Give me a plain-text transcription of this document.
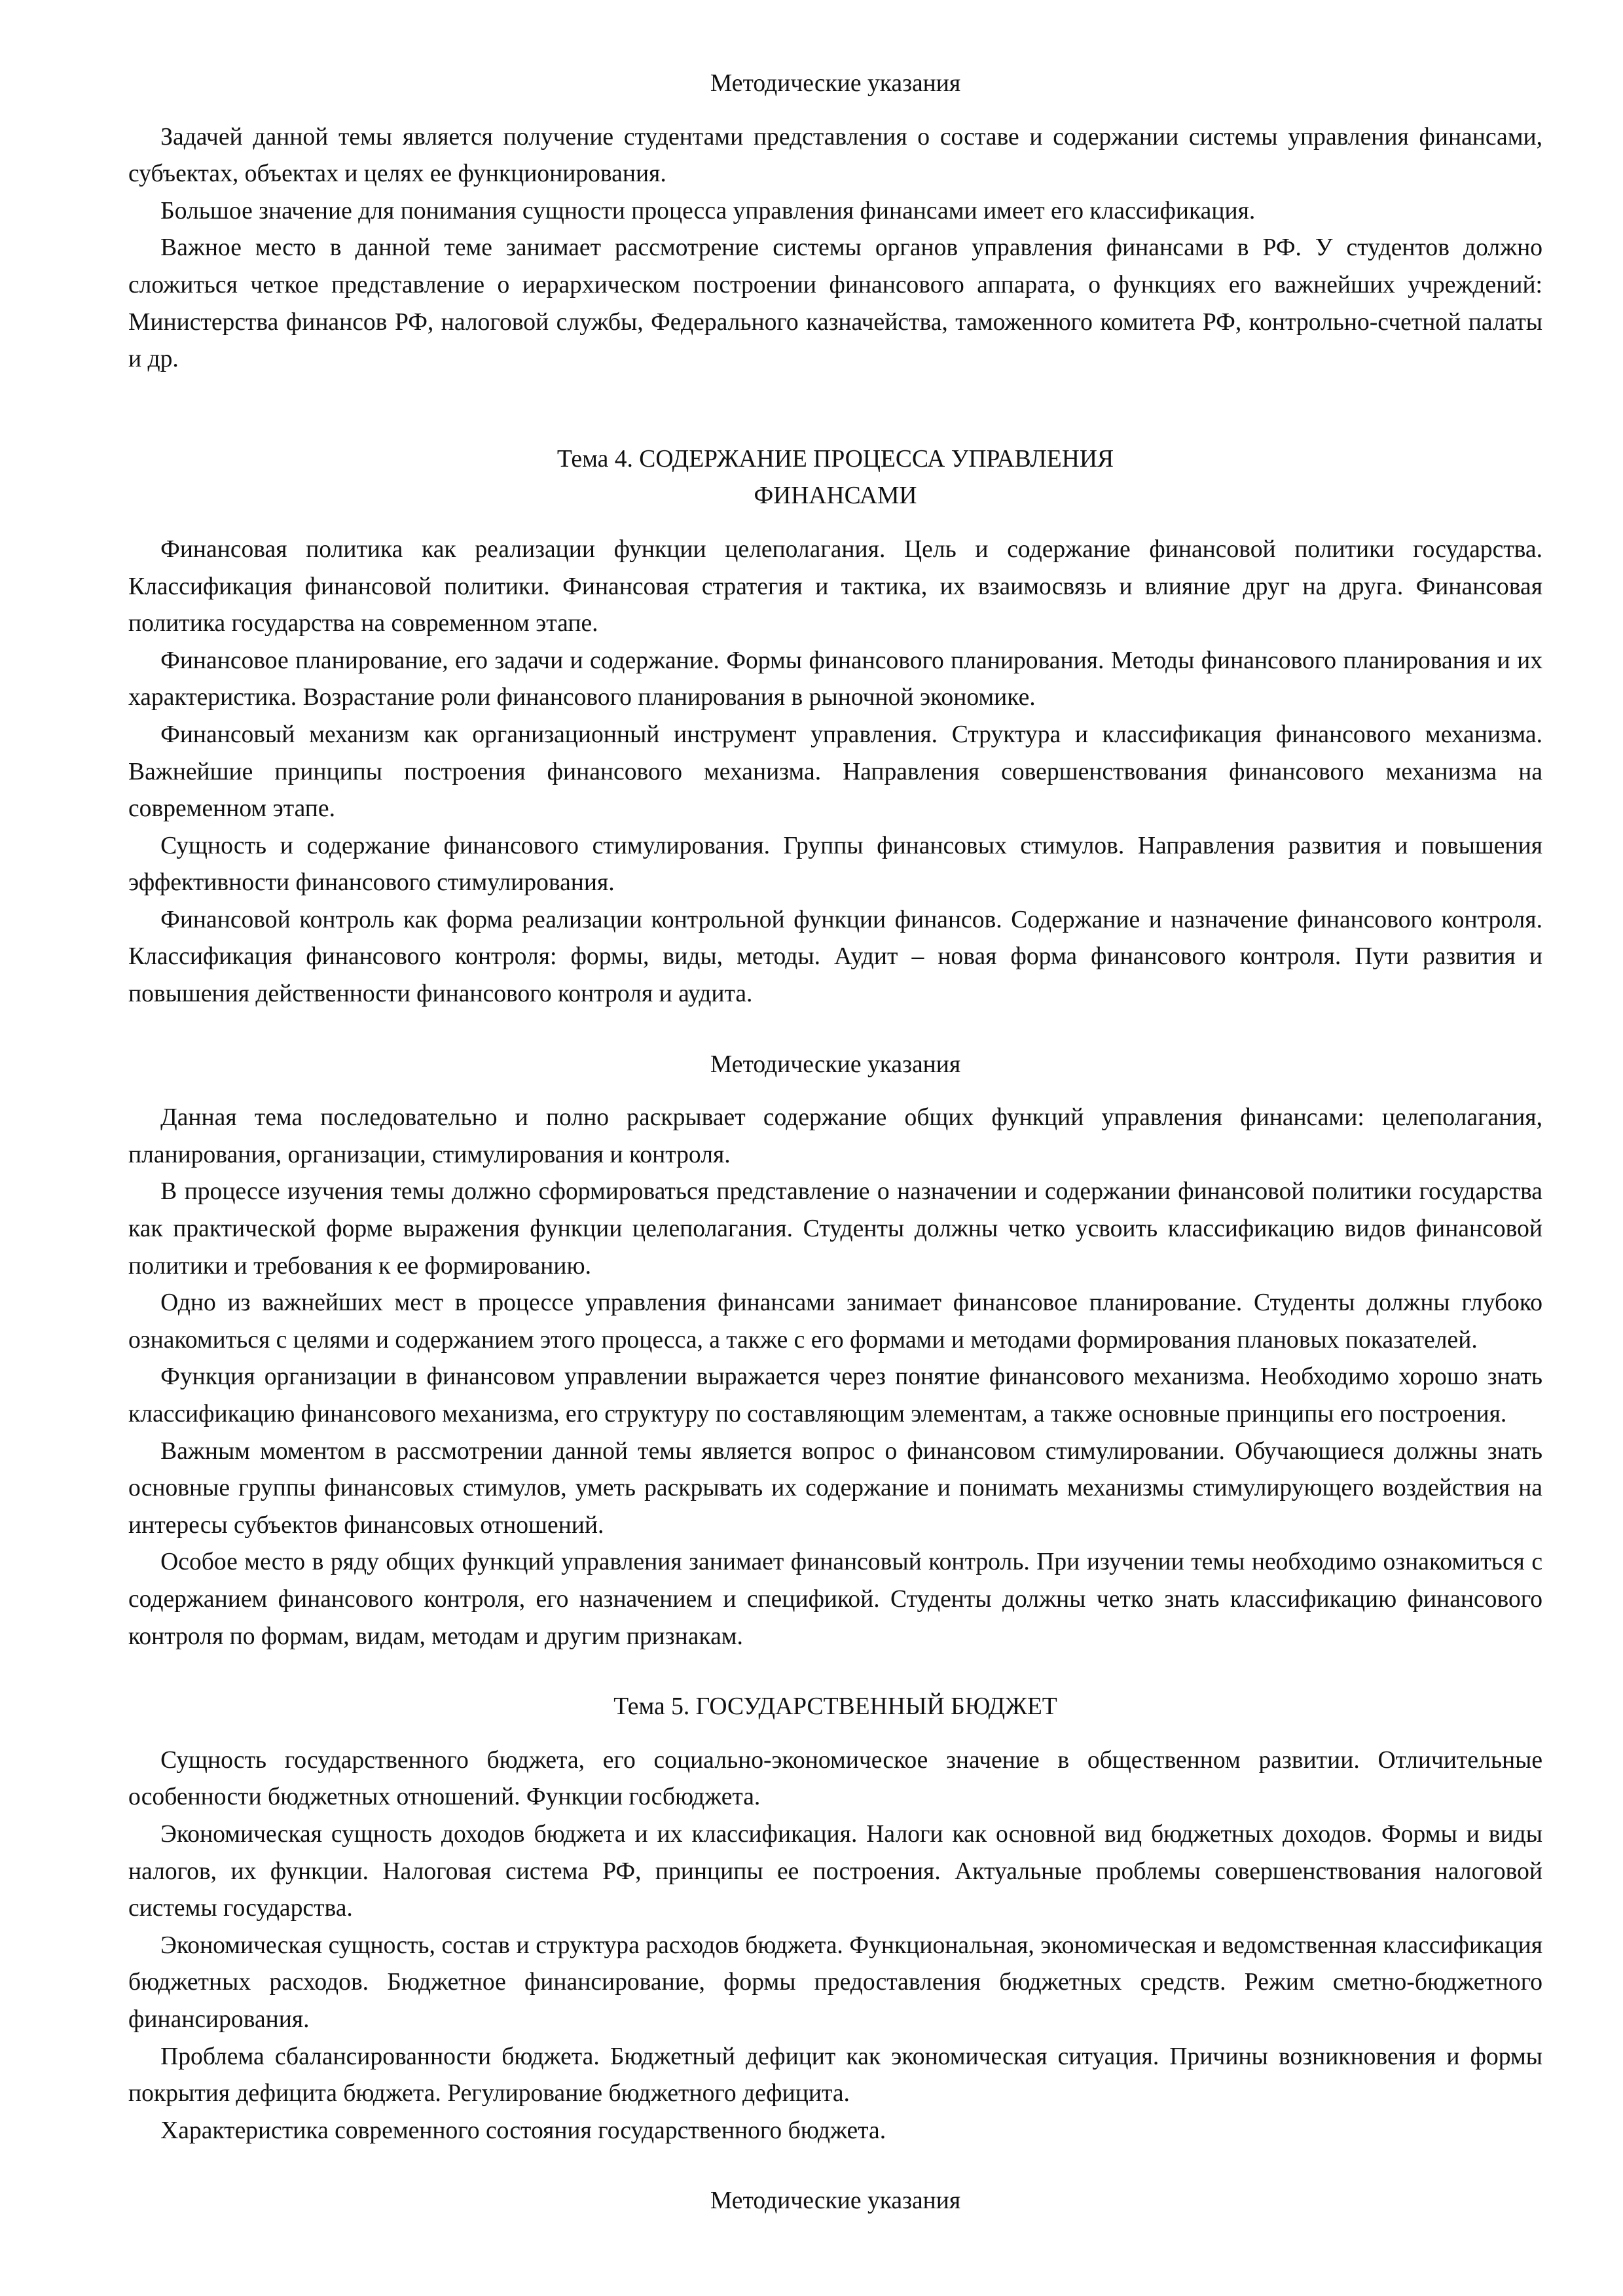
Методические указания

Задачей данной темы является получение студентами представления о составе и содержании системы управления финансами, субъектах, объектах и целях ее функционирования.

Большое значение для понимания сущности процесса управления финансами имеет его классификация.

Важное место в данной теме занимает рассмотрение системы органов управления финансами в РФ. У студентов должно сложиться четкое представление о иерархическом построении финансового аппарата, о функциях его важнейших учреждений: Министерства финансов РФ, налоговой службы, Федерального казначейства, таможенного комитета РФ, контрольно-счетной палаты и др.

Тема 4. СОДЕРЖАНИЕ ПРОЦЕССА УПРАВЛЕНИЯ
ФИНАНСАМИ

Финансовая политика как реализации функции целеполагания. Цель и содержание финансовой политики государства. Классификация финансовой политики. Финансовая стратегия и тактика, их взаимосвязь и влияние друг на друга. Финансовая политика государства на современном этапе.

Финансовое планирование, его задачи и содержание. Формы финансового планирования. Методы финансового планирования и их характеристика. Возрастание роли финансового планирования в рыночной экономике.

Финансовый механизм как организационный инструмент управления. Структура и классификация финансового механизма. Важнейшие принципы построения финансового механизма. Направления совершенствования финансового механизма на современном этапе.

Сущность и содержание финансового стимулирования. Группы финансовых стимулов. Направления развития и повышения эффективности финансового стимулирования.

Финансовой контроль как форма реализации контрольной функции финансов. Содержание и назначение финансового контроля. Классификация финансового контроля: формы, виды, методы. Аудит – новая форма финансового контроля. Пути развития и повышения действенности финансового контроля и аудита.

Методические указания

Данная тема последовательно и полно раскрывает содержание общих функций управления финансами: целеполагания, планирования, организации, стимулирования и контроля.

В процессе изучения темы должно сформироваться представление о назначении и содержании финансовой политики государства как практической форме выражения функции целеполагания. Студенты должны четко усвоить классификацию видов финансовой политики и требования к ее формированию.

Одно из важнейших мест в процессе управления финансами занимает финансовое планирование. Студенты должны глубоко ознакомиться с целями и содержанием этого процесса, а также с его формами и методами формирования плановых показателей.

Функция организации в финансовом управлении выражается через понятие финансового механизма. Необходимо хорошо знать классификацию финансового механизма, его структуру по составляющим элементам, а также основные принципы его построения.

Важным моментом в рассмотрении данной темы является вопрос о финансовом стимулировании. Обучающиеся должны знать основные группы финансовых стимулов, уметь раскрывать их содержание и понимать механизмы стимулирующего воздействия на интересы субъектов финансовых отношений.

Особое место в ряду общих функций управления занимает финансовый контроль. При изучении темы необходимо ознакомиться с содержанием финансового контроля, его назначением и спецификой. Студенты должны четко знать классификацию финансового контроля по формам, видам, методам и другим признакам.

Тема 5. ГОСУДАРСТВЕННЫЙ БЮДЖЕТ

Сущность государственного бюджета, его социально-экономическое значение в общественном развитии. Отличительные особенности бюджетных отношений. Функции госбюджета.

Экономическая сущность доходов бюджета и их классификация. Налоги как основной вид бюджетных доходов. Формы и виды налогов, их функции. Налоговая система РФ, принципы ее построения. Актуальные проблемы совершенствования налоговой системы государства.

Экономическая сущность, состав и структура расходов бюджета. Функциональная, экономическая и ведомственная классификация бюджетных расходов. Бюджетное финансирование, формы предоставления бюджетных средств. Режим сметно-бюджетного финансирования.

Проблема сбалансированности бюджета. Бюджетный дефицит как экономическая ситуация. Причины возникновения и формы покрытия дефицита бюджета. Регулирование бюджетного дефицита.

Характеристика современного состояния государственного бюджета.

Методические указания
